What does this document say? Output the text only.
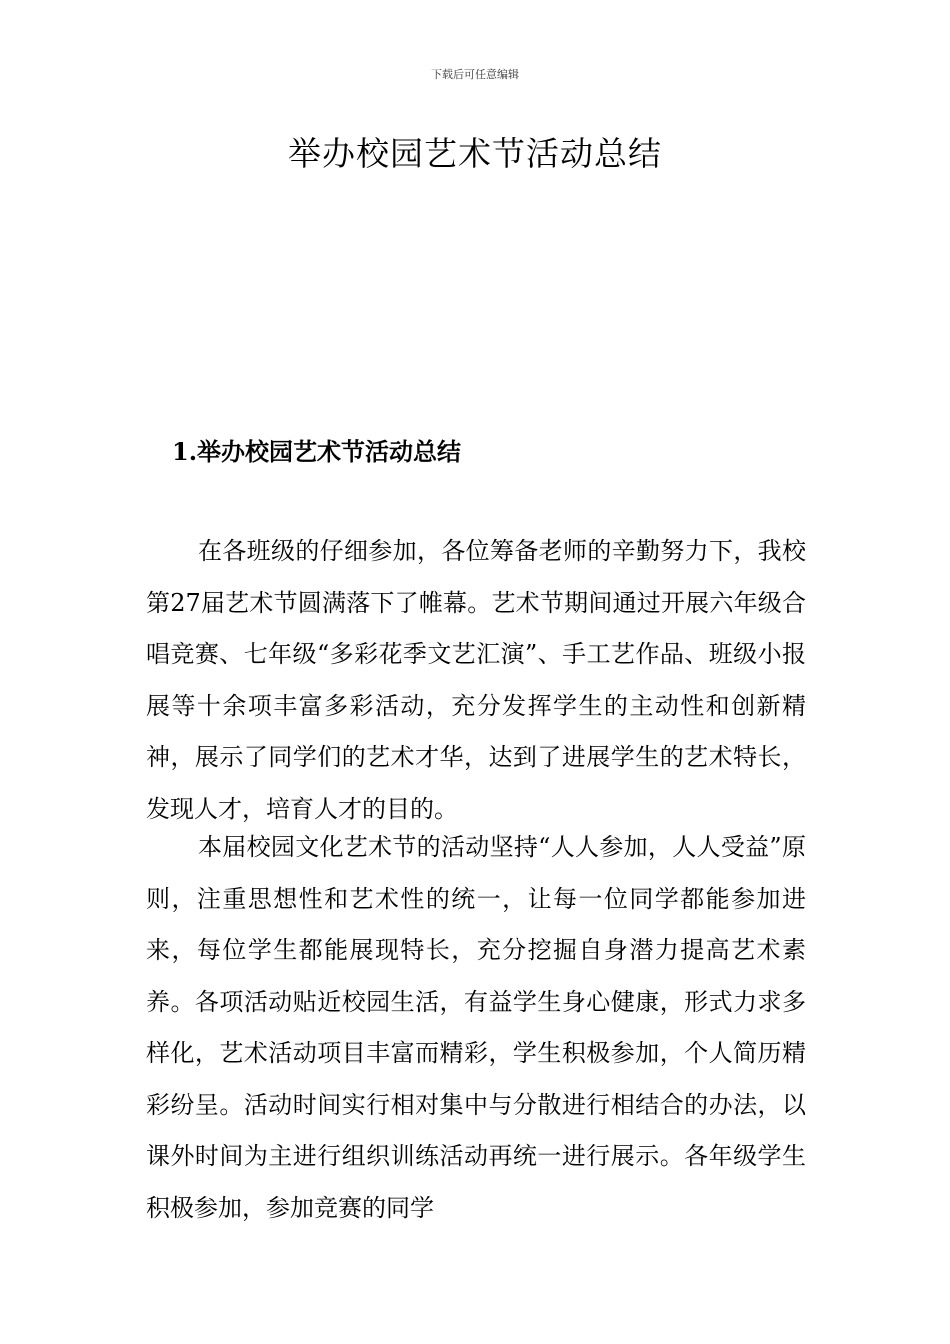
下载后可任意编辑
举办校园艺术节活动总结
1.举办校园艺术节活动总结

在各班级的仔细参加，各位筹备老师的辛勤努力下，我校第27届艺术节圆满落下了帷幕。艺术节期间通过开展六年级合唱竞赛、七年级“多彩花季文艺汇演”、手工艺作品、班级小报展等十余项丰富多彩活动，充分发挥学生的主动性和创新精神，展示了同学们的艺术才华，达到了进展学生的艺术特长，发现人才，培育人才的目的。

本届校园文化艺术节的活动坚持“人人参加，人人受益”原则，注重思想性和艺术性的统一，让每一位同学都能参加进来，每位学生都能展现特长，充分挖掘自身潜力提高艺术素养。各项活动贴近校园生活，有益学生身心健康，形式力求多样化，艺术活动项目丰富而精彩，学生积极参加，个人简历精彩纷呈。活动时间实行相对集中与分散进行相结合的办法，以课外时间为主进行组织训练活动再统一进行展示。各年级学生积极参加，参加竞赛的同学
